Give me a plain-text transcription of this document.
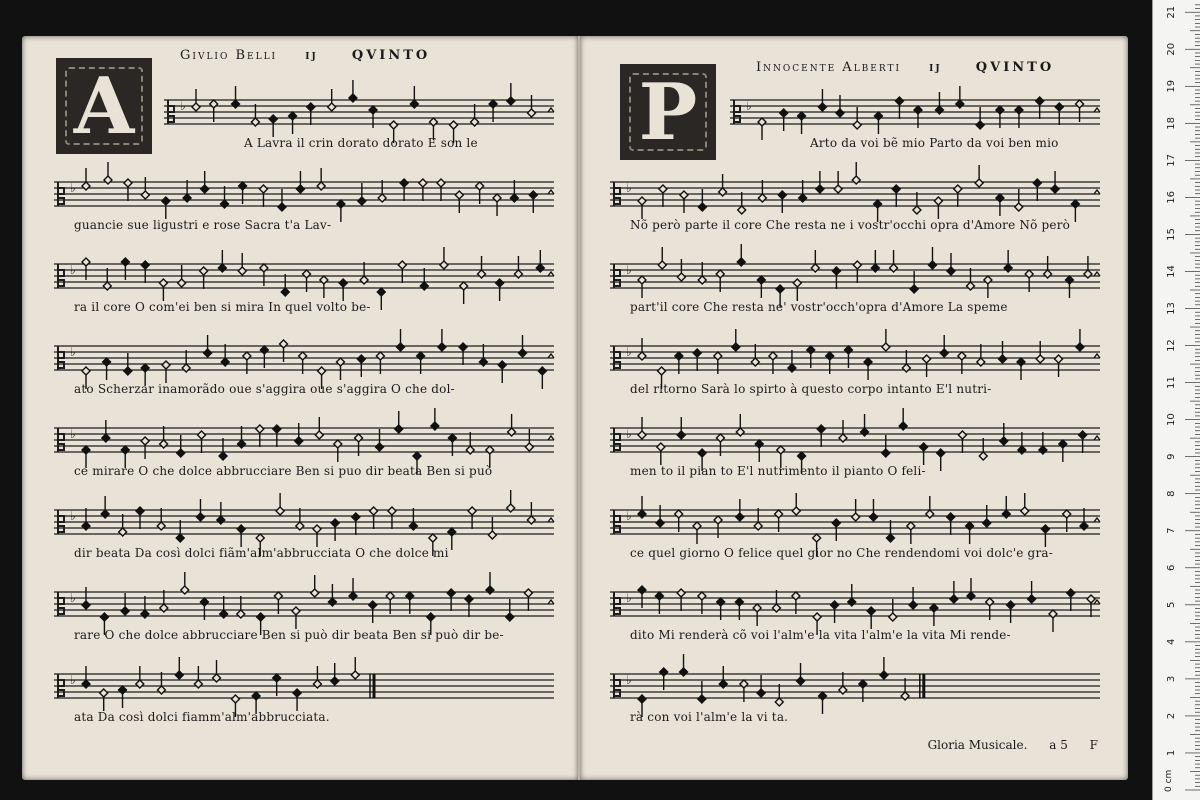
A
Givlio Belli ij	QVINTO
♭
A Lavra il crin dorato dorato E son le
♭
guancie sue ligustri e rose Sacra t'a Lav-
♭
ra il core O com'ei ben si mira In quel volto be-
♭
ato Scherzar inamorãdo oue s'aggira oue s'aggira O che dol-
♭
ce mirare O che dolce abbrucciare Ben si puo dir beata Ben si può
♭
dir beata Da così dolci fiãm'alm'abbrucciata O che dolce mi
♭
rare O che dolce abbrucciare Ben si può dir beata Ben si può dir be-
♭
ata Da così dolci fiamm'alm'abbrucciata.
P	Innocente Alberti ij	QVINTO
♭
Arto da voi bẽ mio Parto da voi ben mio
♭
Nõ però parte il core Che resta ne i vostr'occhi opra d'Amore Nõ però
♭
part'il core Che resta ne' vostr'occh'opra d'Amore La speme
♭
del ritorno Sarà lo spirto à questo corpo intanto E'l nutri-
♭
men to il pian to E'l nutrimento il pianto O feli-
♭
ce quel giorno O felice quel gior no Che rendendomi voi dolc'e gra-
♭
dito Mi renderà cõ voi l'alm'e la vita l'alm'e la vita Mi rende-
♭
rà con voi l'alm'e la vi ta.
Gloria Musicale. a 5 F
0 cm
1
2
3
4
5
6
7
8
9
10
11
12
13
14
15
16
17
18
19
20
21
